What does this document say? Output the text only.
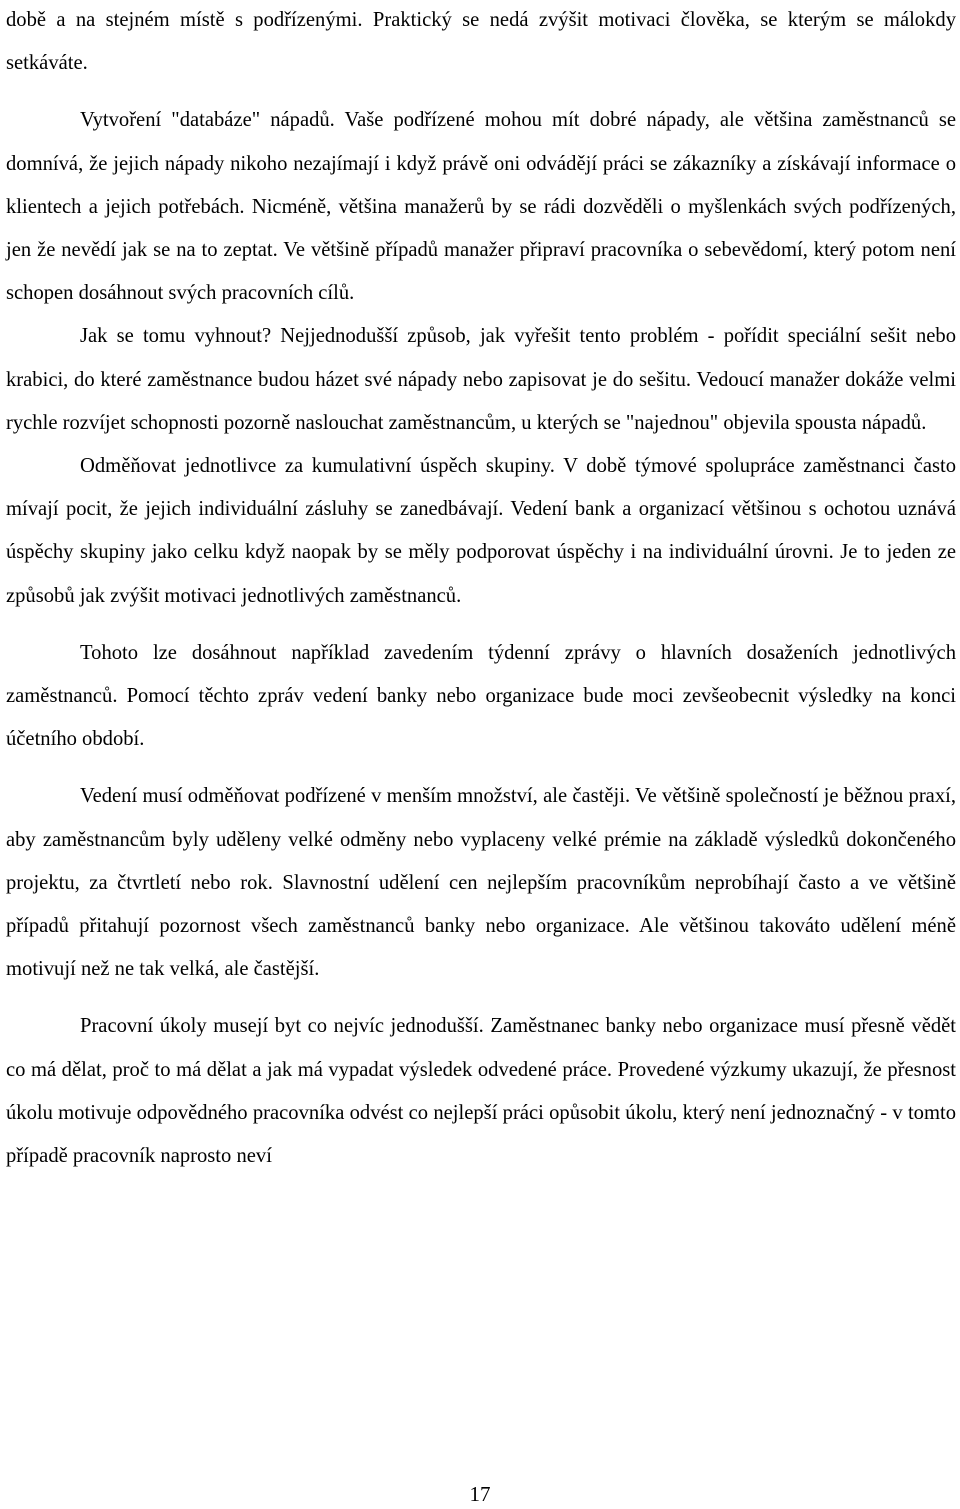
době a na stejném místě s podřízenými. Praktický se nedá zvýšit motivaci člověka, se kterým se málokdy setkáváte.

Vytvoření "databáze" nápadů. Vaše podřízené mohou mít dobré nápady, ale většina zaměstnanců se domnívá, že jejich nápady nikoho nezajímají i když právě oni odvádějí práci se zákazníky a získávají informace o klientech a jejich potřebách. Nicméně, většina manažerů by se rádi dozvěděli o myšlenkách svých podřízených, jen že nevědí jak se na to zeptat. Ve většině případů manažer připraví pracovníka o sebevědomí, který potom není schopen dosáhnout svých pracovních cílů.

Jak se tomu vyhnout? Nejjednodušší způsob, jak vyřešit tento problém - pořídit speciální sešit nebo krabici, do které zaměstnance budou házet své nápady nebo zapisovat je do sešitu. Vedoucí manažer dokáže velmi rychle rozvíjet schopnosti pozorně naslouchat zaměstnancům, u kterých se "najednou" objevila spousta nápadů.

Odměňovat jednotlivce za kumulativní úspěch skupiny. V době týmové spolupráce zaměstnanci často mívají pocit, že jejich individuální zásluhy se zanedbávají. Vedení bank a organizací většinou s ochotou uznává úspěchy skupiny jako celku když naopak by se měly podporovat úspěchy i na individuální úrovni. Je to jeden ze způsobů jak zvýšit motivaci jednotlivých zaměstnanců.

Tohoto lze dosáhnout například zavedením týdenní zprávy o hlavních dosaženích jednotlivých zaměstnanců. Pomocí těchto zpráv vedení banky nebo organizace bude moci zevšeobecnit výsledky na konci účetního období.

Vedení musí odměňovat podřízené v menším množství, ale častěji. Ve většině společností je běžnou praxí, aby zaměstnancům byly uděleny velké odměny nebo vyplaceny velké prémie na základě výsledků dokončeného projektu, za čtvrtletí nebo rok. Slavnostní udělení cen nejlepším pracovníkům neprobíhají často a ve většině případů přitahují pozornost všech zaměstnanců banky nebo organizace. Ale většinou takováto udělení méně motivují než ne tak velká, ale častější.

Pracovní úkoly musejí byt co nejvíc jednodušší. Zaměstnanec banky nebo organizace musí přesně vědět co má dělat, proč to má dělat a jak má vypadat výsledek odvedené práce. Provedené výzkumy ukazují, že přesnost úkolu motivuje odpovědného pracovníka odvést co nejlepší práci opůsobit úkolu, který není jednoznačný - v tomto případě pracovník naprosto neví

17
